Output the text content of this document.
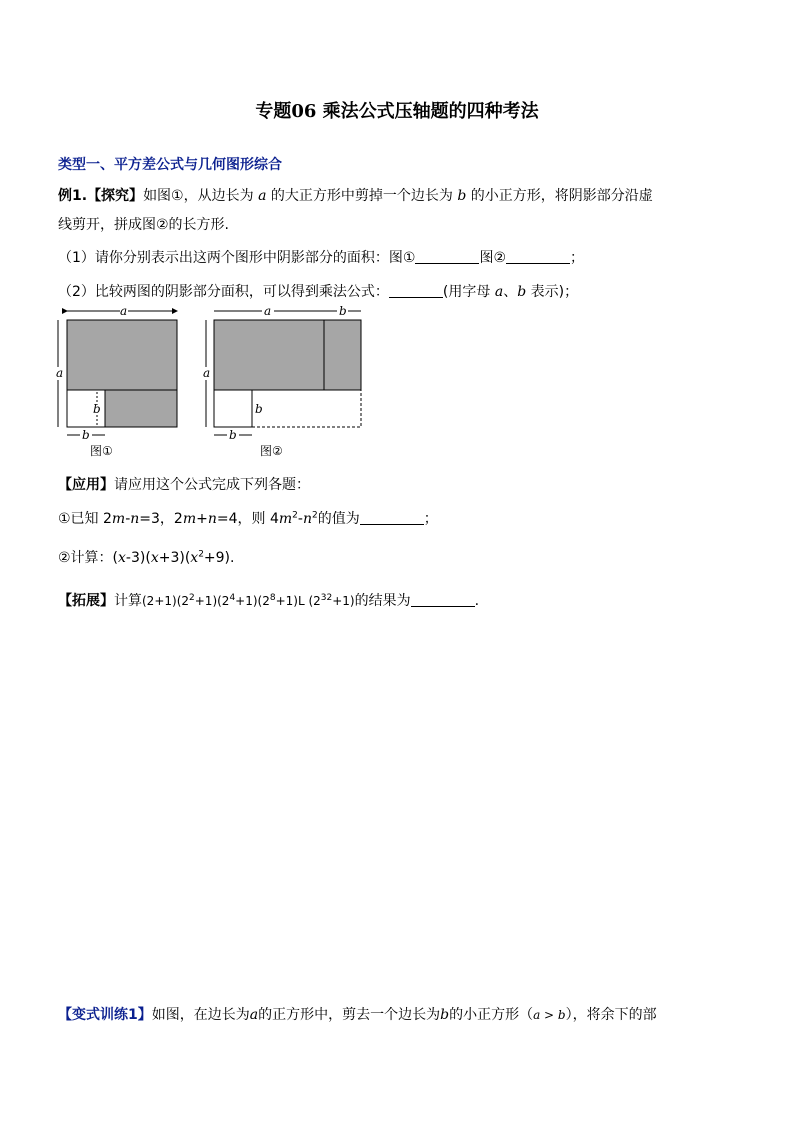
专题06 乘法公式压轴题的四种考法
类型一、平方差公式与几何图形综合
例1.【探究】如图①，从边长为 a 的大正方形中剪掉一个边长为 b 的小正方形，将阴影部分沿虚
线剪开，拼成图②的长方形.
（1）请你分别表示出这两个图形中阴影部分的面积：图①	图②	；
（2）比较两图的阴影部分面积，可以得到乘法公式：	(用字母 a、b 表示)；
a
a
b
b
图①
a	b
a
b
b
图②
【应用】请应用这个公式完成下列各题：
①已知 2m-n=3，2m+n=4，则 $4m^2-n^2$的值为	；
②计算：$(x-3)(x+3)(x^2+9)$.
【拓展】计算$(2+1)(2^2+1)(2^4+1)(2^8+1)L$ $(2^{32}+1)$的结果为	.
【变式训练1】如图，在边长为a的正方形中，剪去一个边长为b的小正方形（a > b），将余下的部
